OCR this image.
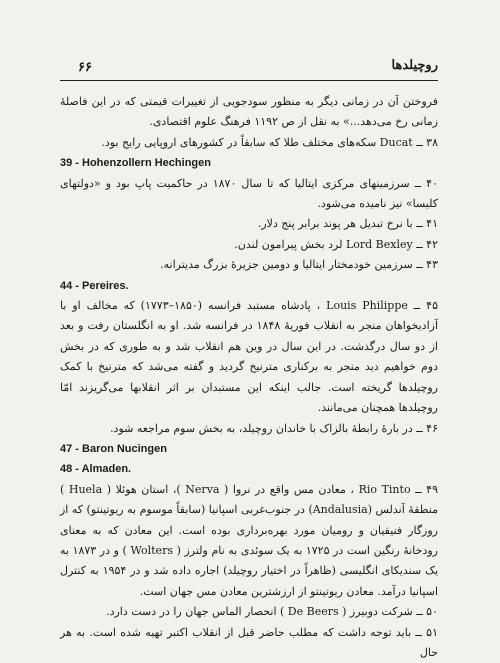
۶۶	روچیلدها

فروختن آن در زمانی دیگر به منظور سودجویی از تغییرات قیمتی که در این فاصلهٔ زمانی رخ می‌دهد...» به نقل از ص ۱۱۹۲ فرهنگ علوم اقتصادی.

۳۸ ــ Ducat سکه‌های مختلف طلا که سابقاً در کشورهای اروپایی رایج بود.

39 - Hohenzollern Hechingen

۴۰ ــ سرزمینهای مرکزی ایتالیا که تا سال ۱۸۷۰ در حاکمیت پاپ بود و «دولتهای کلیسا» نیز نامیده می‌شود.

۴۱ ــ با نرخ تبدیل هر پوند برابر پنج دلار.

۴۲ ــ Lord Bexley لرد بخش پیرامون لندن.

۴۳ ــ سرزمین خودمختار ایتالیا و دومین جزیرهٔ بزرگ مدیترانه.

44 - Pereires.

۴۵ ــ Louis Philippe ، پادشاه مستبد فرانسه (۱۸۵۰–۱۷۷۳) که مخالف او با آزادیخواهان منجر به انقلاب فوریهٔ ۱۸۴۸ در فرانسه شد. او به انگلستان رفت و بعد از دو سال درگذشت. در این سال در وین هم انقلاب شد و به طوری که در بخش دوم خواهیم دید منجر به برکناری مترنیخ گردید و گفته می‌شد که مترنیخ با کمک روچیلدها گریخته است. جالب اینکه این مستبدان بر اثر انقلابها می‌گریزند امّا روچیلدها همچنان می‌مانند.

۴۶ ــ در بارهٔ رابطهٔ بالزاک با خاندان روچیلد، به بخش سوم مراجعه شود.

47 - Baron Nucingen

48 - Almaden.

۴۹ ــ Rio Tinto ، معادن مس واقع در نروا ( Nerva )، استان هوئلا ( Huela ) منطقهٔ آندلس (Andalusia) در جنوب‌غربی اسپانیا (سابقاً موسوم به ریوتینتو) که از روزگار فنیقیان و رومیان مورد بهره‌برداری بوده است. این معادن که به معنای رودخانهٔ رنگین است در ۱۷۲۵ به یک سوئدی به نام ولترز ( Wolters ) و در ۱۸۷۳ به یک سندیکای انگلیسی (ظاهراً در اختیار روچیلد) اجاره داده شد و در ۱۹۵۴ به کنترل اسپانیا درآمد. معادن ریوتینتو از ارزشترین معادن مس جهان است.

۵۰ ــ شرکت دوبیرز ( De Beers ) انحصار الماس جهان را در دست دارد.

۵۱ ــ باید توجه داشت که مطلب حاضر قبل از انقلاب اکتبر تهیه شده است. به هر حال
